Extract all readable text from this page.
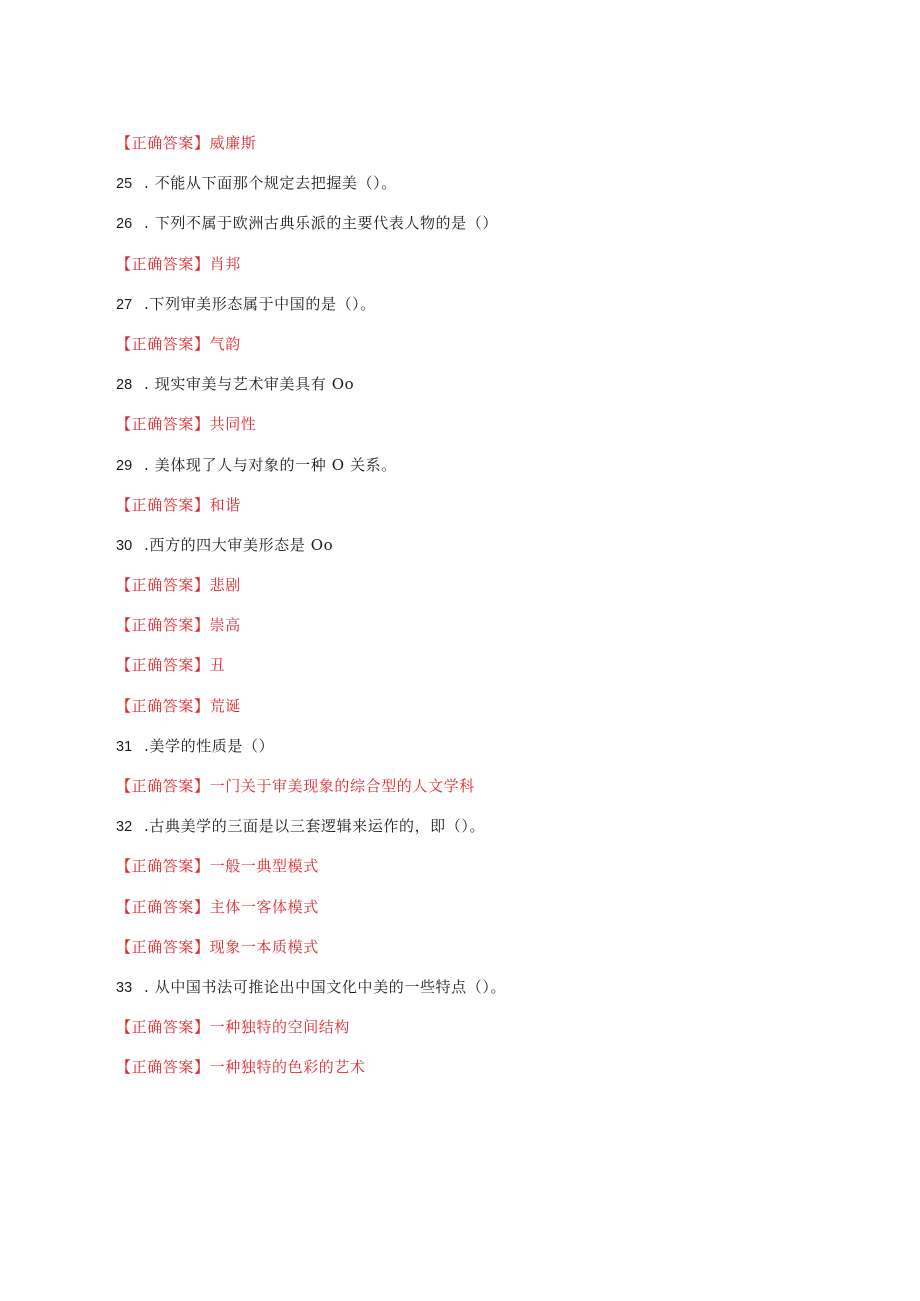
【正确答案】威廉斯
25 . 不能从下面那个规定去把握美（）。
26 . 下列不属于欧洲古典乐派的主要代表人物的是（）
【正确答案】肖邦
27 .下列审美形态属于中国的是（）。
【正确答案】气韵
28 . 现实审美与艺术审美具有 Oo
【正确答案】共同性
29 . 美体现了人与对象的一种 O 关系。
【正确答案】和谐
30 .西方的四大审美形态是 Oo
【正确答案】悲剧
【正确答案】崇高
【正确答案】丑
【正确答案】荒诞
31 .美学的性质是（）
【正确答案】一门关于审美现象的综合型的人文学科
32 .古典美学的三面是以三套逻辑来运作的，即（）。
【正确答案】一般一典型模式
【正确答案】主体一客体模式
【正确答案】现象一本质模式
33 . 从中国书法可推论出中国文化中美的一些特点（）。
【正确答案】一种独特的空间结构
【正确答案】一种独特的色彩的艺术
